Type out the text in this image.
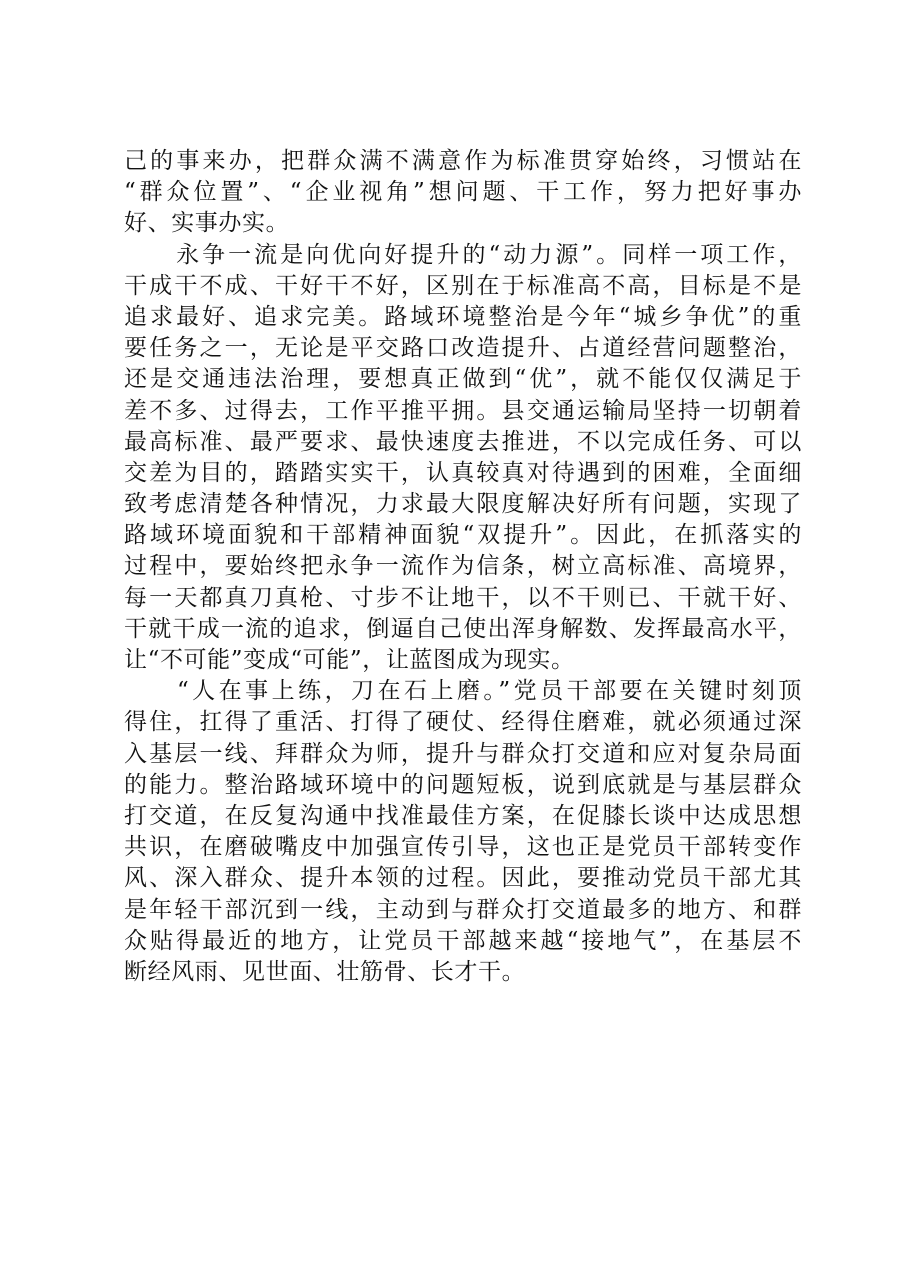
己的事来办，把群众满不满意作为标准贯穿始终，习惯站在
“群众位置”、“企业视角”想问题、干工作，努力把好事办
好、实事办实。
　　永争一流是向优向好提升的“动力源”。同样一项工作，
干成干不成、干好干不好，区别在于标准高不高，目标是不是
追求最好、追求完美。路域环境整治是今年“城乡争优”的重
要任务之一，无论是平交路口改造提升、占道经营问题整治，
还是交通违法治理，要想真正做到“优”，就不能仅仅满足于
差不多、过得去，工作平推平拥。县交通运输局坚持一切朝着
最高标准、最严要求、最快速度去推进，不以完成任务、可以
交差为目的，踏踏实实干，认真较真对待遇到的困难，全面细
致考虑清楚各种情况，力求最大限度解决好所有问题，实现了
路域环境面貌和干部精神面貌“双提升”。因此，在抓落实的
过程中，要始终把永争一流作为信条，树立高标准、高境界，
每一天都真刀真枪、寸步不让地干，以不干则已、干就干好、
干就干成一流的追求，倒逼自己使出浑身解数、发挥最高水平，
让“不可能”变成“可能”，让蓝图成为现实。
　　“人在事上练，刀在石上磨。”党员干部要在关键时刻顶
得住，扛得了重活、打得了硬仗、经得住磨难，就必须通过深
入基层一线、拜群众为师，提升与群众打交道和应对复杂局面
的能力。整治路域环境中的问题短板，说到底就是与基层群众
打交道，在反复沟通中找准最佳方案，在促膝长谈中达成思想
共识，在磨破嘴皮中加强宣传引导，这也正是党员干部转变作
风、深入群众、提升本领的过程。因此，要推动党员干部尤其
是年轻干部沉到一线，主动到与群众打交道最多的地方、和群
众贴得最近的地方，让党员干部越来越“接地气”，在基层不
断经风雨、见世面、壮筋骨、长才干。
